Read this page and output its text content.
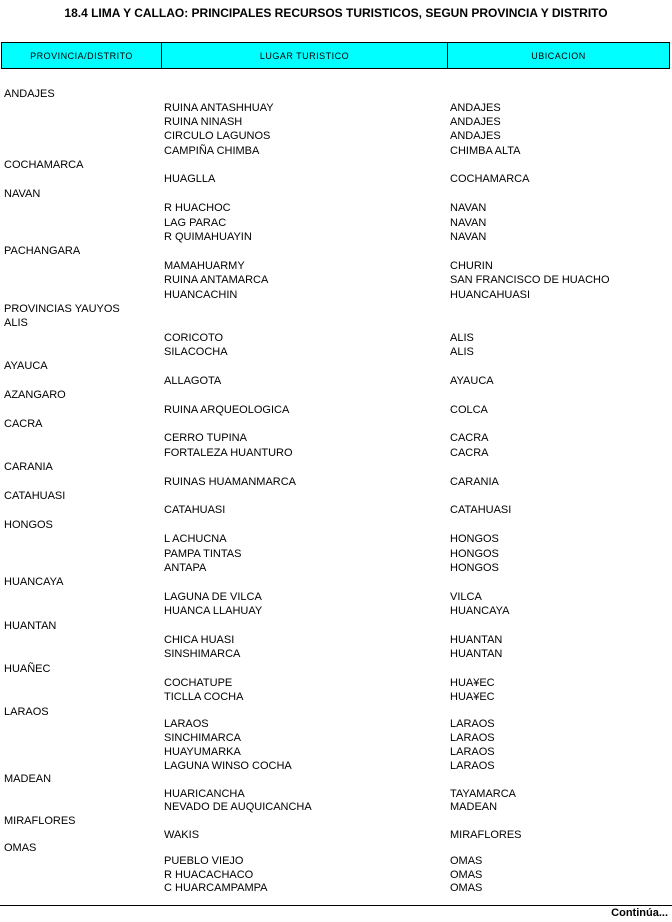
18.4 LIMA Y CALLAO: PRINCIPALES RECURSOS TURISTICOS, SEGUN PROVINCIA Y DISTRITO
PROVINCIA/DISTRITO	LUGAR TURISTICO	UBICACION
ANDAJES
RUINA ANTASHHUAY	ANDAJES
RUINA NINASH	ANDAJES
CIRCULO LAGUNOS	ANDAJES
CAMPIÑA CHIMBA	CHIMBA ALTA
COCHAMARCA
HUAGLLA	COCHAMARCA
NAVAN
R HUACHOC	NAVAN
LAG PARAC	NAVAN
R QUIMAHUAYIN	NAVAN
PACHANGARA
MAMAHUARMY	CHURIN
RUINA ANTAMARCA	SAN FRANCISCO DE HUACHO
HUANCACHIN	HUANCAHUASI
PROVINCIAS YAUYOS
ALIS
CORICOTO	ALIS
SILACOCHA	ALIS
AYAUCA
ALLAGOTA	AYAUCA
AZANGARO
RUINA ARQUEOLOGICA	COLCA
CACRA
CERRO TUPINA	CACRA
FORTALEZA HUANTURO	CACRA
CARANIA
RUINAS HUAMANMARCA	CARANIA
CATAHUASI
CATAHUASI	CATAHUASI
HONGOS
L ACHUCNA	HONGOS
PAMPA TINTAS	HONGOS
ANTAPA	HONGOS
HUANCAYA
LAGUNA DE VILCA	VILCA
HUANCA LLAHUAY	HUANCAYA
HUANTAN
CHICA HUASI	HUANTAN
SINSHIMARCA	HUANTAN
HUAÑEC
COCHATUPE	HUA¥EC
TICLLA COCHA	HUA¥EC
LARAOS
LARAOS	LARAOS
SINCHIMARCA	LARAOS
HUAYUMARKA	LARAOS
LAGUNA WINSO COCHA	LARAOS
MADEAN
HUARICANCHA	TAYAMARCA
NEVADO DE AUQUICANCHA	MADEAN
MIRAFLORES
WAKIS	MIRAFLORES
OMAS
PUEBLO VIEJO	OMAS
R HUACACHACO	OMAS
C HUARCAMPAMPA	OMAS
Continúa...
